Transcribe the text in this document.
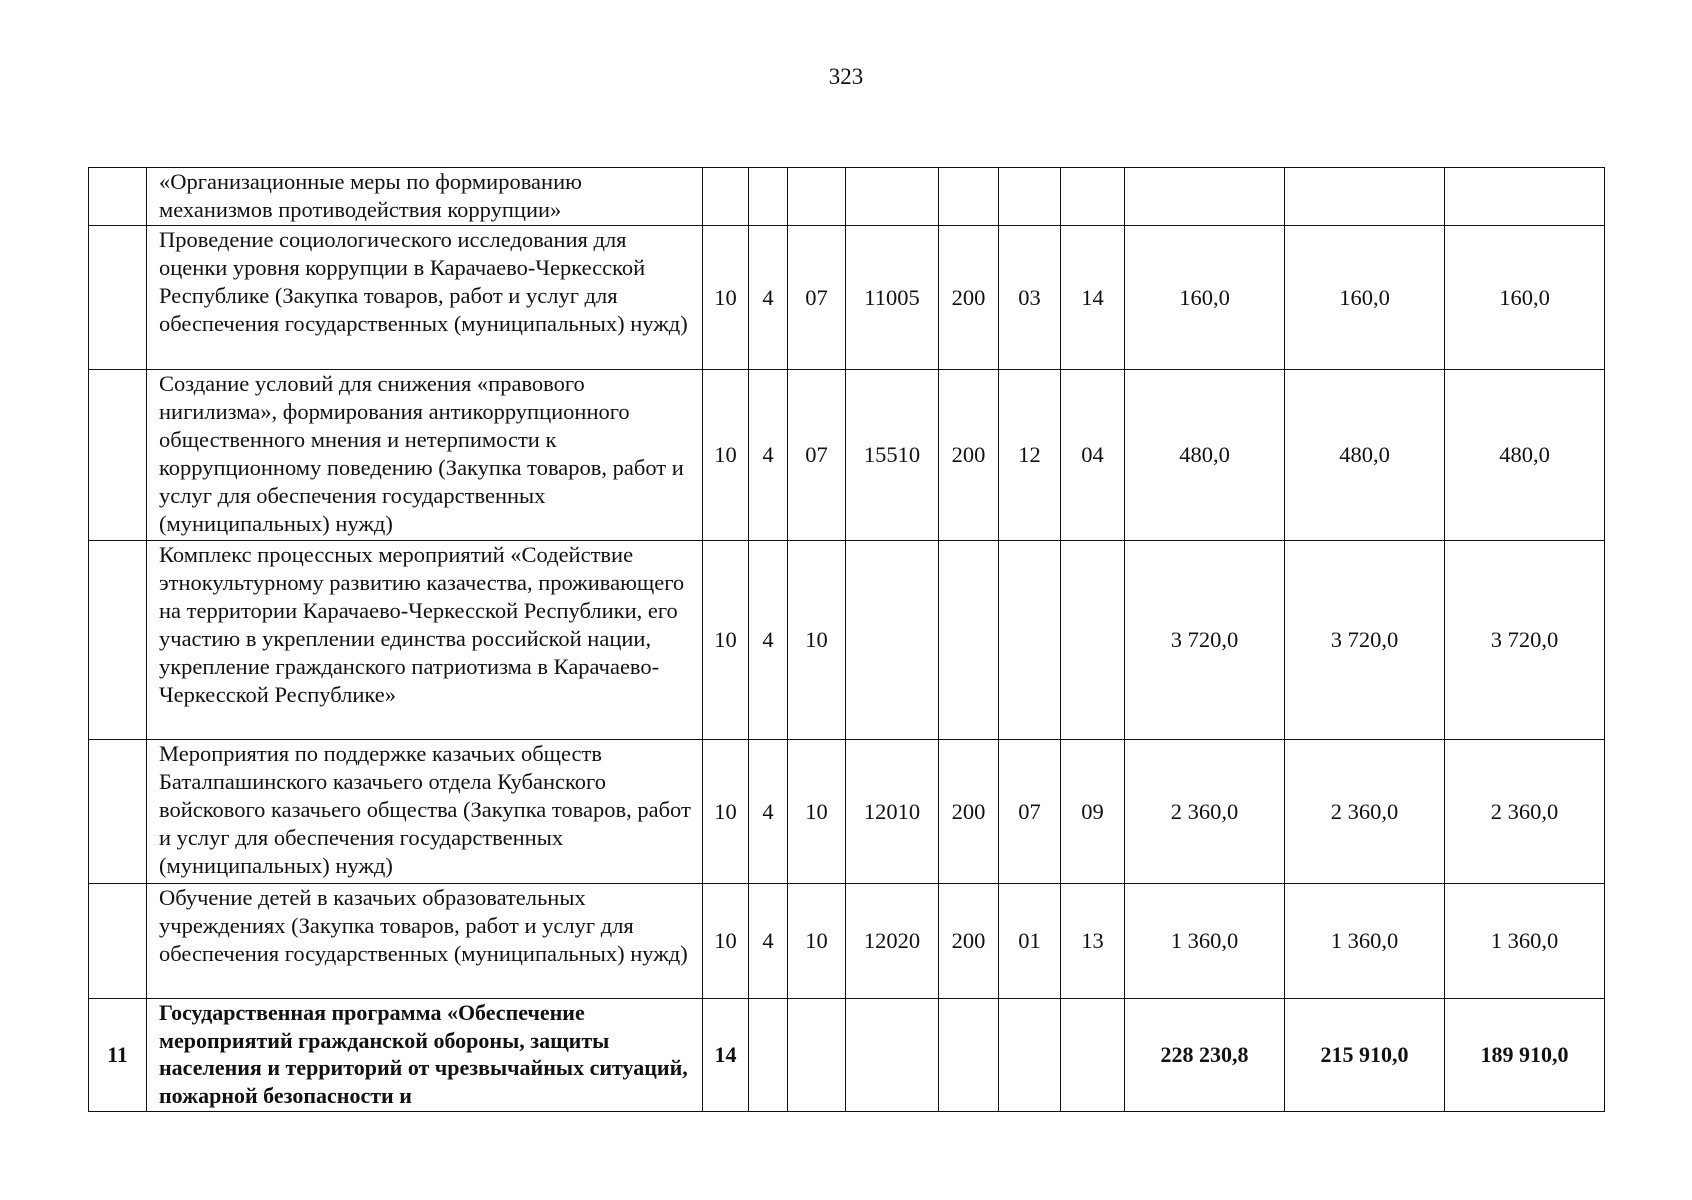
323
	«Организационные меры по формированию механизмов противодействия коррупции»										
	Проведение социологического исследования для оценки уровня коррупции в Карачаево-Черкесской Республике (Закупка товаров, работ и услуг для обеспечения государственных (муниципальных) нужд)	10	4	07	11005	200	03	14	160,0	160,0	160,0
	Создание условий для снижения «правового нигилизма», формирования антикоррупционного общественного мнения и нетерпимости к коррупционному поведению (Закупка товаров, работ и услуг для обеспечения государственных (муниципальных) нужд)	10	4	07	15510	200	12	04	480,0	480,0	480,0
	Комплекс процессных мероприятий «Содействие этнокультурному развитию казачества, проживающего на территории Карачаево-Черкесской Республики, его участию в укреплении единства российской нации, укрепление гражданского патриотизма в Карачаево-Черкесской Республике»	10	4	10					3 720,0	3 720,0	3 720,0
	Мероприятия по поддержке казачьих обществ Баталпашинского казачьего отдела Кубанского войскового казачьего общества (Закупка товаров, работ и услуг для обеспечения государственных (муниципальных) нужд)	10	4	10	12010	200	07	09	2 360,0	2 360,0	2 360,0
	Обучение детей в казачьих образовательных учреждениях (Закупка товаров, работ и услуг для обеспечения государственных (муниципальных) нужд)	10	4	10	12020	200	01	13	1 360,0	1 360,0	1 360,0
11	Государственная программа «Обеспечение мероприятий гражданской обороны, защиты населения и территорий от чрезвычайных ситуаций, пожарной безопасности и	14							228 230,8	215 910,0	189 910,0
